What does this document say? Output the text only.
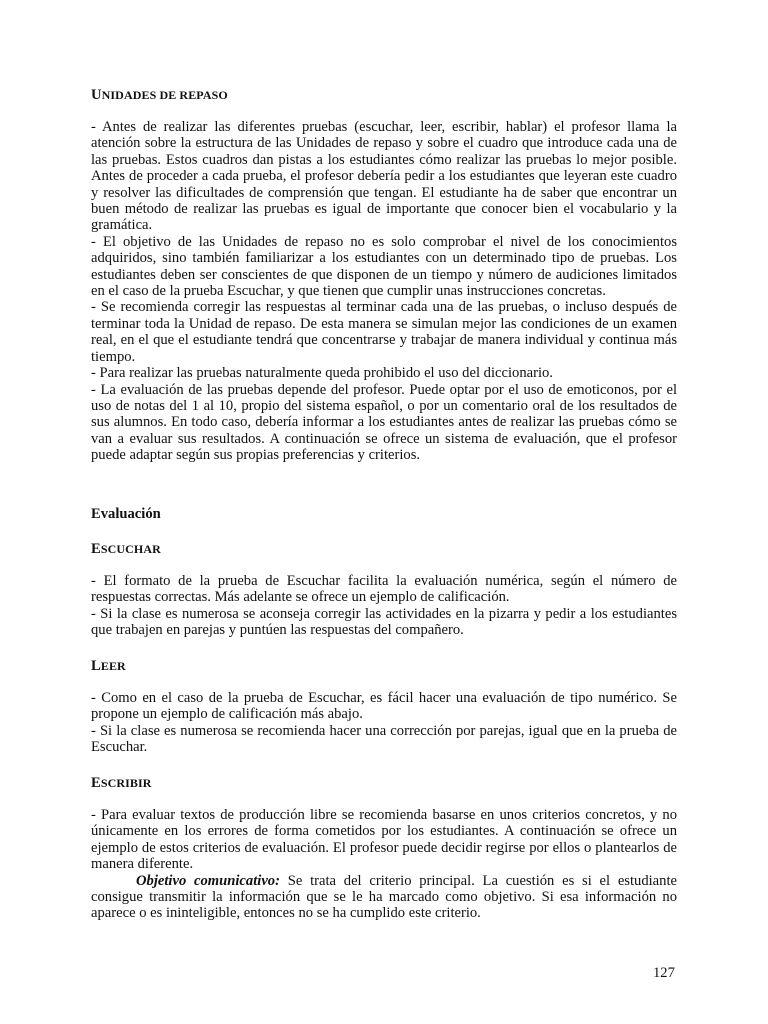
UNIDADES DE REPASO

- Antes de realizar las diferentes pruebas (escuchar, leer, escribir, hablar) el profesor llama la atención sobre la estructura de las Unidades de repaso y sobre el cuadro que introduce cada una de las pruebas. Estos cuadros dan pistas a los estudiantes cómo realizar las pruebas lo mejor posible. Antes de proceder a cada prueba, el profesor debería pedir a los estudiantes que leyeran este cuadro y resolver las dificultades de comprensión que tengan. El estudiante ha de saber que encontrar un buen método de realizar las pruebas es igual de importante que conocer bien el vocabulario y la gramática.

- El objetivo de las Unidades de repaso no es solo comprobar el nivel de los conocimientos adquiridos, sino también familiarizar a los estudiantes con un determinado tipo de pruebas. Los estudiantes deben ser conscientes de que disponen de un tiempo y número de audiciones limitados en el caso de la prueba Escuchar, y que tienen que cumplir unas instrucciones concretas.

- Se recomienda corregir las respuestas al terminar cada una de las pruebas, o incluso después de terminar toda la Unidad de repaso. De esta manera se simulan mejor las condiciones de un examen real, en el que el estudiante tendrá que concentrarse y trabajar de manera individual y continua más tiempo.

- Para realizar las pruebas naturalmente queda prohibido el uso del diccionario.

- La evaluación de las pruebas depende del profesor. Puede optar por el uso de emoticonos, por el uso de notas del 1 al 10, propio del sistema español, o por un comentario oral de los resultados de sus alumnos. En todo caso, debería informar a los estudiantes antes de realizar las pruebas cómo se van a evaluar sus resultados. A continuación se ofrece un sistema de evaluación, que el profesor puede adaptar según sus propias preferencias y criterios.

Evaluación
ESCUCHAR

- El formato de la prueba de Escuchar facilita la evaluación numérica, según el número de respuestas correctas. Más adelante se ofrece un ejemplo de calificación.

- Si la clase es numerosa se aconseja corregir las actividades en la pizarra y pedir a los estudiantes que trabajen en parejas y puntúen las respuestas del compañero.

LEER

- Como en el caso de la prueba de Escuchar, es fácil hacer una evaluación de tipo numérico. Se propone un ejemplo de calificación más abajo.

- Si la clase es numerosa se recomienda hacer una corrección por parejas, igual que en la prueba de Escuchar.

ESCRIBIR

- Para evaluar textos de producción libre se recomienda basarse en unos criterios concretos, y no únicamente en los errores de forma cometidos por los estudiantes. A continuación se ofrece un ejemplo de estos criterios de evaluación. El profesor puede decidir regirse por ellos o plantearlos de manera diferente.

Objetivo comunicativo: Se trata del criterio principal. La cuestión es si el estudiante consigue transmitir la información que se le ha marcado como objetivo. Si esa información no aparece o es ininteligible, entonces no se ha cumplido este criterio.

127
